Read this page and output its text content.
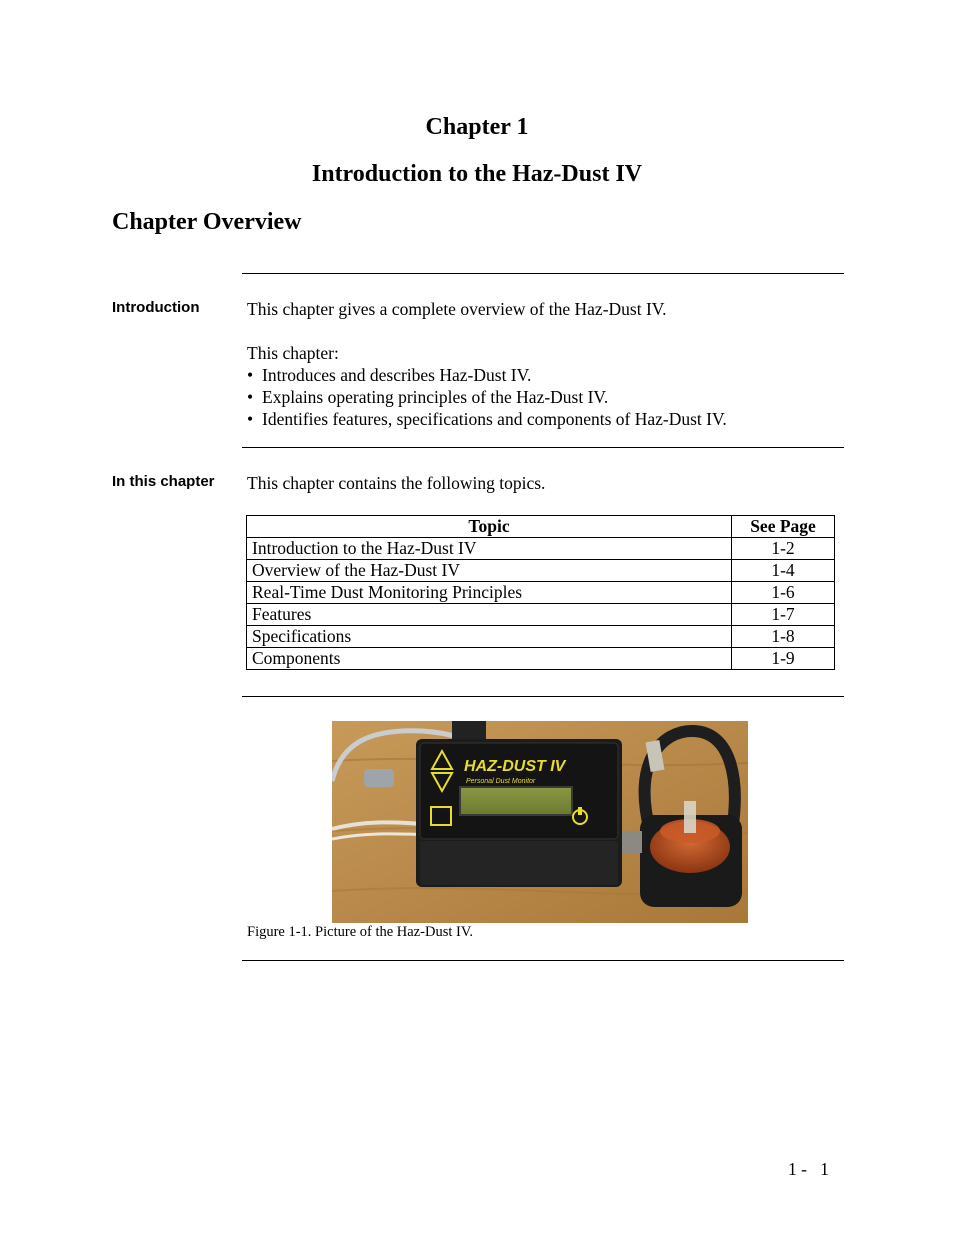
Chapter 1
Introduction to the Haz-Dust IV
Chapter Overview
Introduction	This chapter gives a complete overview of the Haz-Dust IV.
This chapter:
• Introduces and describes Haz-Dust IV.
• Explains operating principles of the Haz-Dust IV.
• Identifies features, specifications and components of Haz-Dust IV.
In this chapter This chapter contains the following topics.
Topic	See Page
Introduction to the Haz-Dust IV	1-2
Overview of the Haz-Dust IV	1-4
Real-Time Dust Monitoring Principles	1-6
Features	1-7
Specifications	1-8
Components	1-9
HAZ-DUST IV
Personal Dust Monitor
Figure 1-1. Picture of the Haz-Dust IV.
1 -   1
